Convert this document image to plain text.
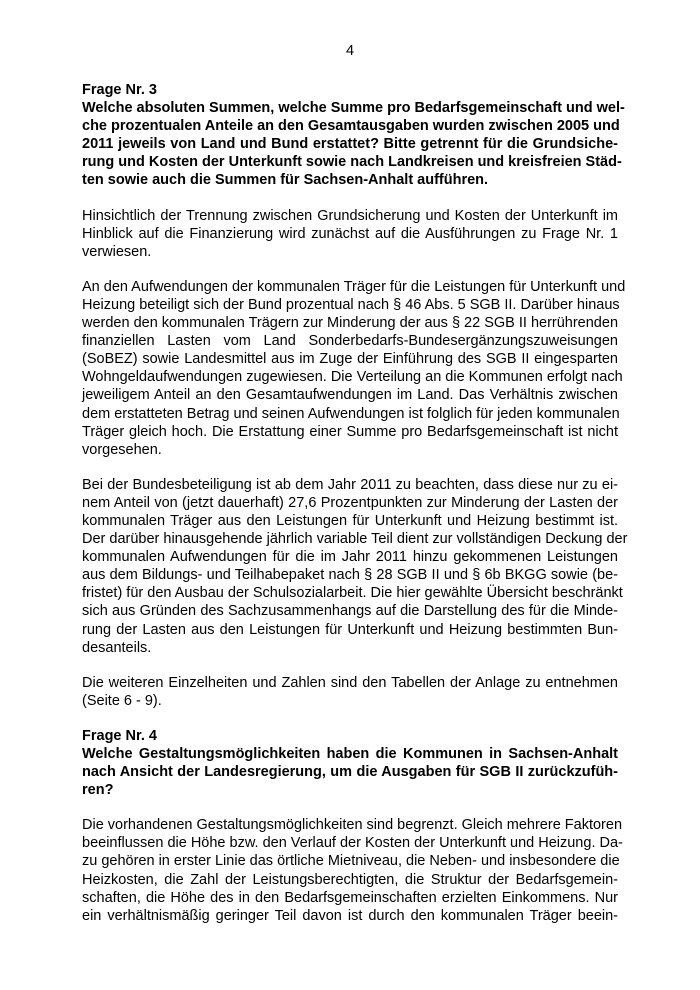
4
Frage Nr. 3
Welche absoluten Summen, welche Summe pro Bedarfsgemeinschaft und wel-
che prozentualen Anteile an den Gesamtausgaben wurden zwischen 2005 und
2011 jeweils von Land und Bund erstattet? Bitte getrennt für die Grundsiche-
rung und Kosten der Unterkunft sowie nach Landkreisen und kreisfreien Städ-
ten sowie auch die Summen für Sachsen-Anhalt aufführen.
Hinsichtlich der Trennung zwischen Grundsicherung und Kosten der Unterkunft im
Hinblick auf die Finanzierung wird zunächst auf die Ausführungen zu Frage Nr. 1
verwiesen.
An den Aufwendungen der kommunalen Träger für die Leistungen für Unterkunft und
Heizung beteiligt sich der Bund prozentual nach § 46 Abs. 5 SGB II. Darüber hinaus
werden den kommunalen Trägern zur Minderung der aus § 22 SGB II herrührenden
finanziellen Lasten vom Land Sonderbedarfs-Bundesergänzungszuweisungen
(SoBEZ) sowie Landesmittel aus im Zuge der Einführung des SGB II eingesparten
Wohngeldaufwendungen zugewiesen. Die Verteilung an die Kommunen erfolgt nach
jeweiligem Anteil an den Gesamtaufwendungen im Land. Das Verhältnis zwischen
dem erstatteten Betrag und seinen Aufwendungen ist folglich für jeden kommunalen
Träger gleich hoch. Die Erstattung einer Summe pro Bedarfsgemeinschaft ist nicht
vorgesehen.
Bei der Bundesbeteiligung ist ab dem Jahr 2011 zu beachten, dass diese nur zu ei-
nem Anteil von (jetzt dauerhaft) 27,6 Prozentpunkten zur Minderung der Lasten der
kommunalen Träger aus den Leistungen für Unterkunft und Heizung bestimmt ist.
Der darüber hinausgehende jährlich variable Teil dient zur vollständigen Deckung der
kommunalen Aufwendungen für die im Jahr 2011 hinzu gekommenen Leistungen
aus dem Bildungs- und Teilhabepaket nach § 28 SGB II und § 6b BKGG sowie (be-
fristet) für den Ausbau der Schulsozialarbeit. Die hier gewählte Übersicht beschränkt
sich aus Gründen des Sachzusammenhangs auf die Darstellung des für die Minde-
rung der Lasten aus den Leistungen für Unterkunft und Heizung bestimmten Bun-
desanteils.
Die weiteren Einzelheiten und Zahlen sind den Tabellen der Anlage zu entnehmen
(Seite 6 - 9).
Frage Nr. 4
Welche Gestaltungsmöglichkeiten haben die Kommunen in Sachsen-Anhalt
nach Ansicht der Landesregierung, um die Ausgaben für SGB II zurückzufüh-
ren?
Die vorhandenen Gestaltungsmöglichkeiten sind begrenzt. Gleich mehrere Faktoren
beeinflussen die Höhe bzw. den Verlauf der Kosten der Unterkunft und Heizung. Da-
zu gehören in erster Linie das örtliche Mietniveau, die Neben- und insbesondere die
Heizkosten, die Zahl der Leistungsberechtigten, die Struktur der Bedarfsgemein-
schaften, die Höhe des in den Bedarfsgemeinschaften erzielten Einkommens. Nur
ein verhältnismäßig geringer Teil davon ist durch den kommunalen Träger beein-
